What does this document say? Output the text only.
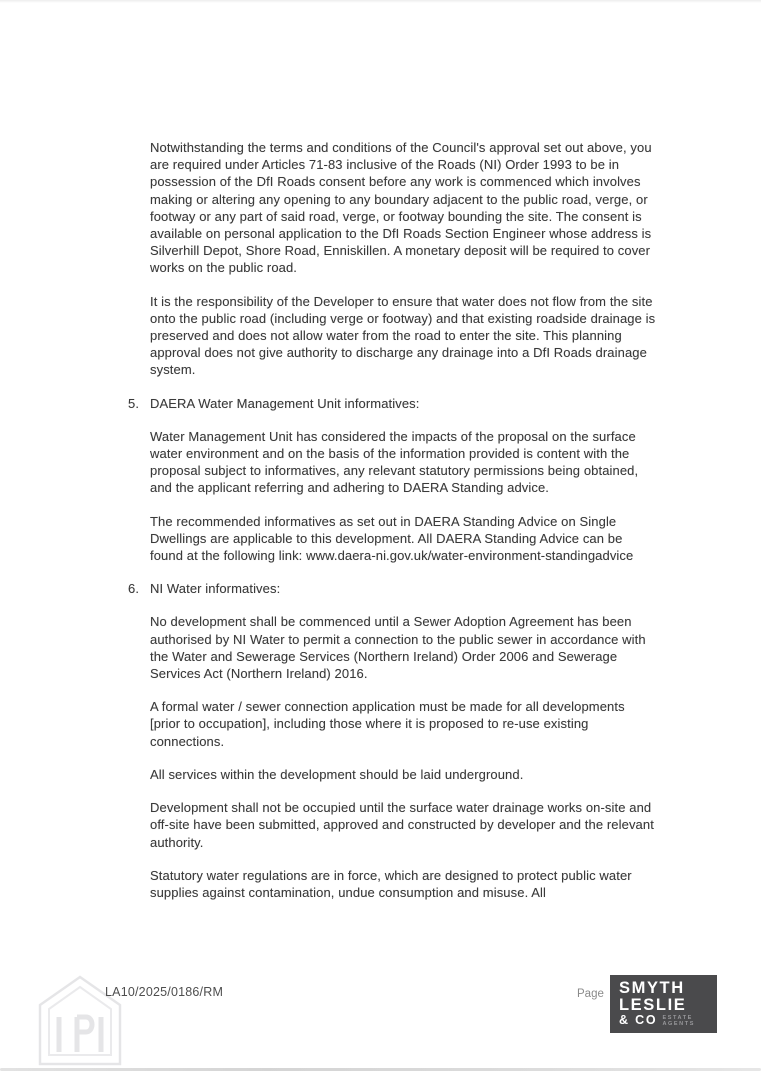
Notwithstanding the terms and conditions of the Council's approval set out above, you are required under Articles 71-83 inclusive of the Roads (NI) Order 1993 to be in possession of the DfI Roads consent before any work is commenced which involves making or altering any opening to any boundary adjacent to the public road, verge, or footway or any part of said road, verge, or footway bounding the site. The consent is available on personal application to the DfI Roads Section Engineer whose address is Silverhill Depot, Shore Road, Enniskillen. A monetary deposit will be required to cover works on the public road.

It is the responsibility of the Developer to ensure that water does not flow from the site onto the public road (including verge or footway) and that existing roadside drainage is preserved and does not allow water from the road to enter the site. This planning approval does not give authority to discharge any drainage into a DfI Roads drainage system.

5. DAERA Water Management Unit informatives:

Water Management Unit has considered the impacts of the proposal on the surface water environment and on the basis of the information provided is content with the proposal subject to informatives, any relevant statutory permissions being obtained, and the applicant referring and adhering to DAERA Standing advice.

The recommended informatives as set out in DAERA Standing Advice on Single Dwellings are applicable to this development. All DAERA Standing Advice can be found at the following link: www.daera-ni.gov.uk/water-environment-standingadvice

6. NI Water informatives:

No development shall be commenced until a Sewer Adoption Agreement has been authorised by NI Water to permit a connection to the public sewer in accordance with the Water and Sewerage Services (Northern Ireland) Order 2006 and Sewerage Services Act (Northern Ireland) 2016.

A formal water / sewer connection application must be made for all developments [prior to occupation], including those where it is proposed to re-use existing connections.

All services within the development should be laid underground.

Development shall not be occupied until the surface water drainage works on-site and off-site have been submitted, approved and constructed by developer and the relevant authority.

Statutory water regulations are in force, which are designed to protect public water supplies against contamination, undue consumption and misuse. All

LA10/2025/0186/RM	Page SMYTH
LESLIE
& CO ESTATE
AGENTS
